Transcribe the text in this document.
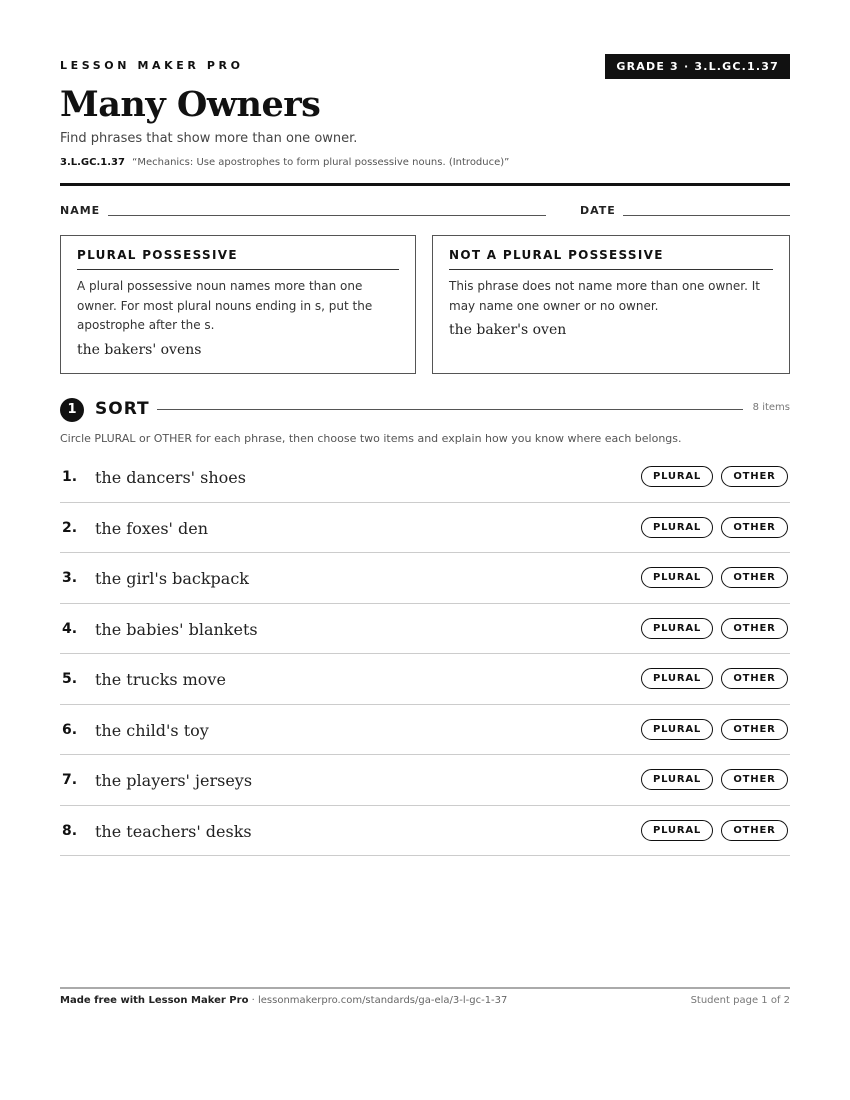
LESSON MAKER PRO	GRADE 3 · 3.L.GC.1.37
Many Owners
Find phrases that show more than one owner.
3.L.GC.1.37 “Mechanics: Use apostrophes to form plural possessive nouns. (Introduce)”
NAME	DATE
PLURAL POSSESSIVE
A plural possessive noun names more than one owner. For most plural nouns ending in s, put the apostrophe after the s.
the bakers' ovens
NOT A PLURAL POSSESSIVE
This phrase does not name more than one owner. It may name one owner or no owner.
the baker's oven
1	SORT	8 items
Circle PLURAL or OTHER for each phrase, then choose two items and explain how you know where each belongs.
1. the dancers' shoes	PLURAL	OTHER
2. the foxes' den	PLURAL	OTHER
3. the girl's backpack	PLURAL	OTHER
4. the babies' blankets	PLURAL	OTHER
5. the trucks move	PLURAL	OTHER
6. the child's toy	PLURAL	OTHER
7. the players' jerseys	PLURAL	OTHER
8. the teachers' desks	PLURAL	OTHER
Made free with Lesson Maker Pro · lessonmakerpro.com/standards/ga-ela/3-l-gc-1-37	Student page 1 of 2
